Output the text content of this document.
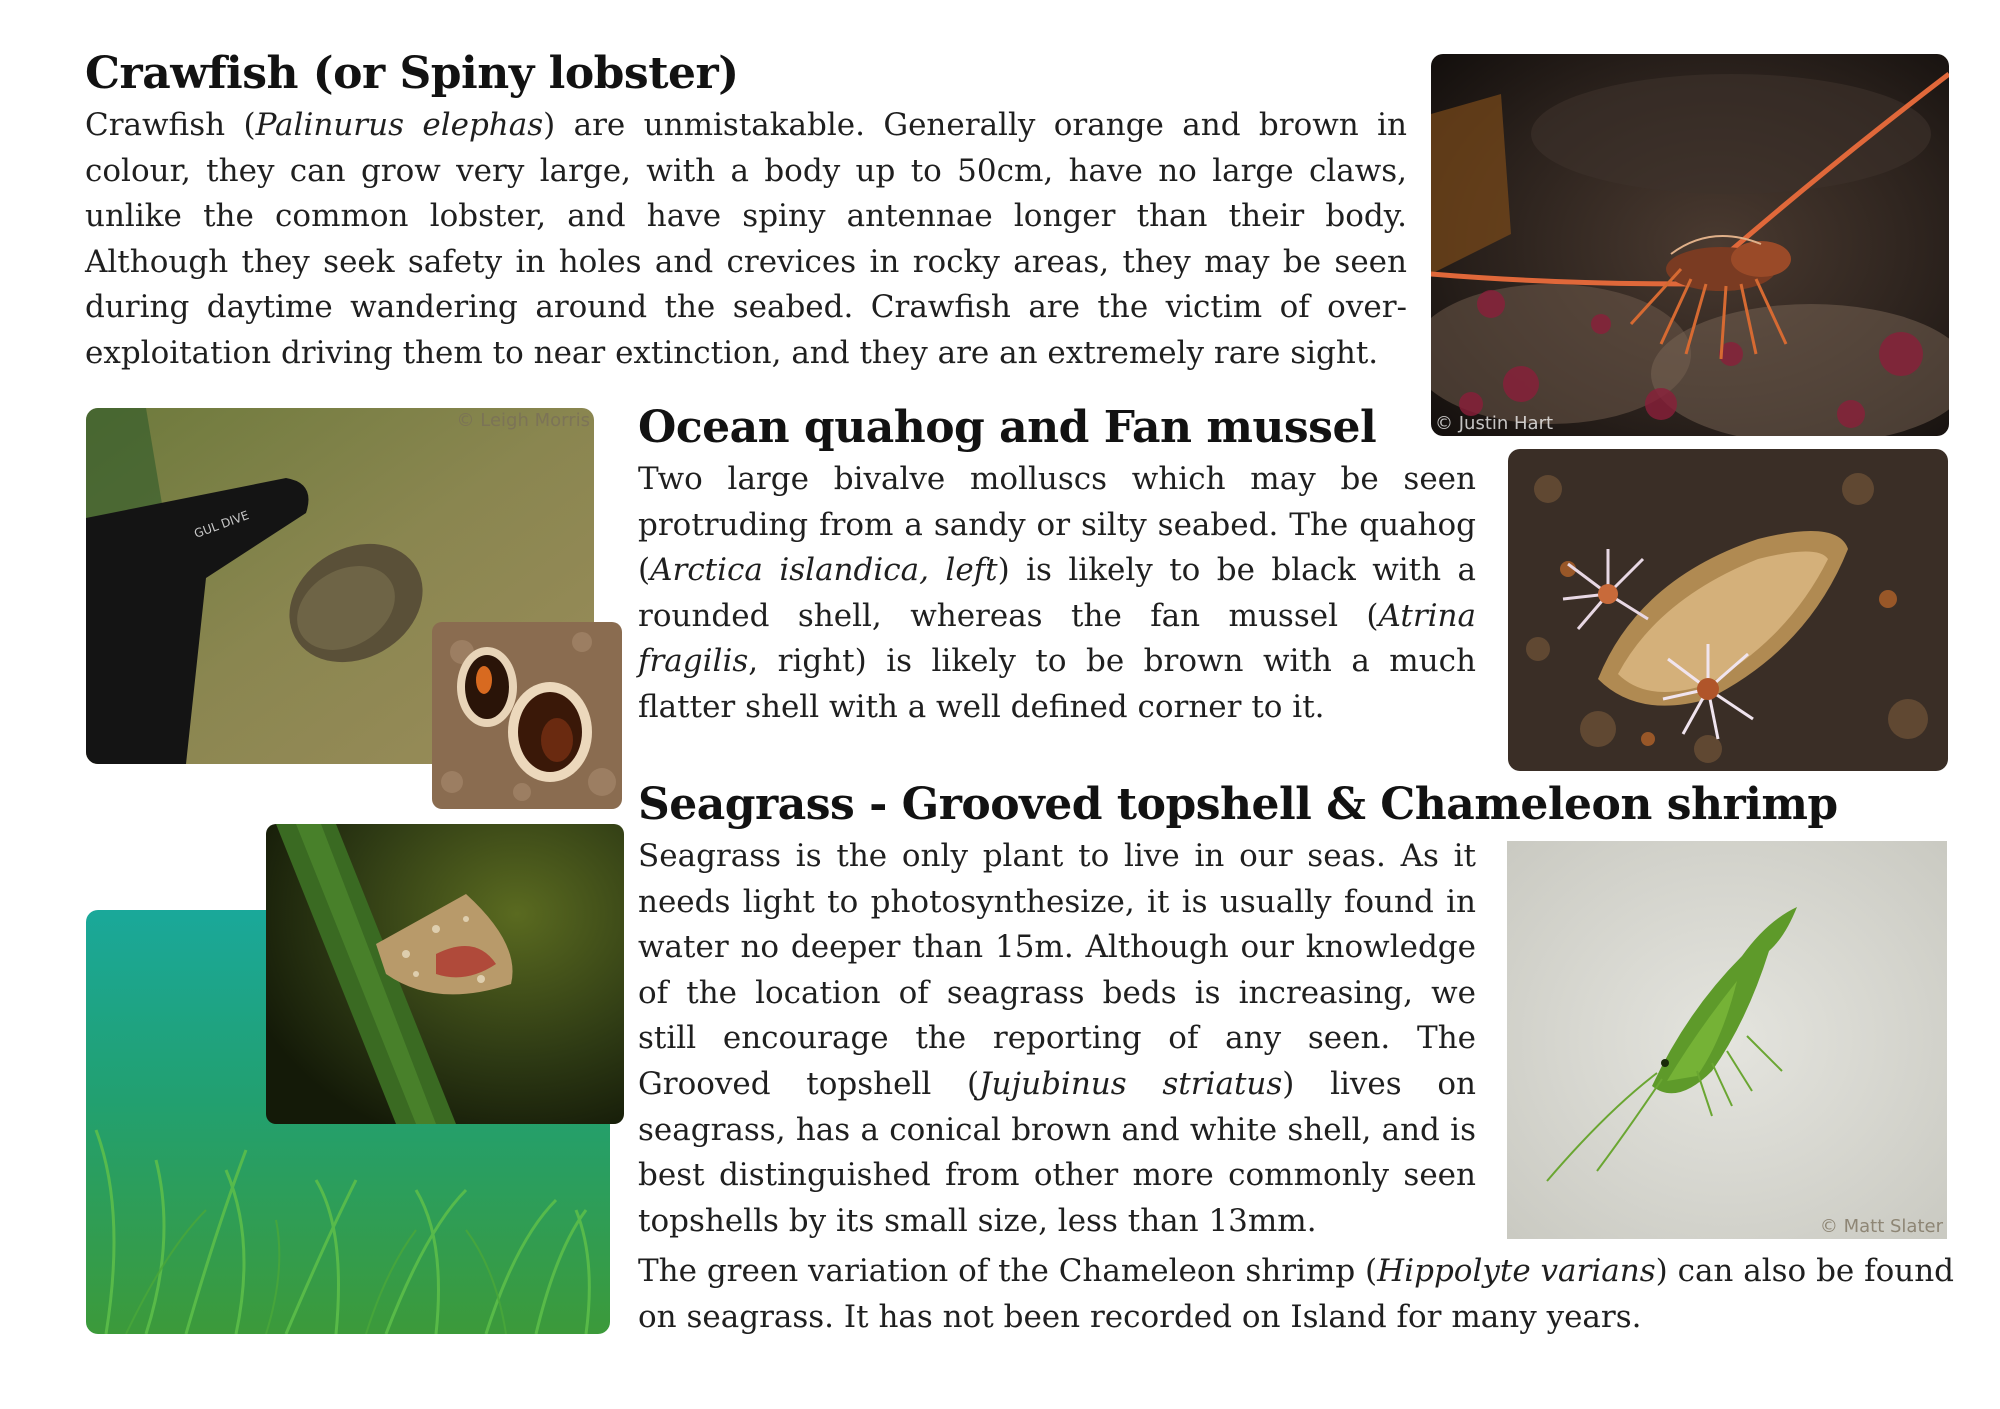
Crawfish (or Spiny lobster)

Crawfish (Palinurus elephas) are unmistakable. Generally orange and brown in colour, they can grow very large, with a body up to 50cm, have no large claws, unlike the common lobster, and have spiny antennae longer than their body. Although they seek safety in holes and crevices in rocky areas, they may be seen during daytime wandering around the seabed. Crawfish are the victim of over-exploitation driving them to near extinction, and they are an extremely rare sight.

© Justin Hart
GUL DIVE
© Leigh Morris Ocean quahog and Fan mussel

Two large bivalve molluscs which may be seen protruding from a sandy or silty seabed. The quahog (Arctica islandica, left) is likely to be black with a rounded shell, whereas the fan mussel (Atrina fragilis, right) is likely to be brown with a much flatter shell with a well defined corner to it.

Seagrass - Grooved topshell & Chameleon shrimp

Seagrass is the only plant to live in our seas. As it needs light to photosynthesize, it is usually found in water no deeper than 15m. Although our knowledge of the location of seagrass beds is increasing, we still encourage the reporting of any seen. The Grooved topshell (Jujubinus striatus) lives on seagrass, has a conical brown and white shell, and is best distinguished from other more commonly seen topshells by its small size, less than 13mm.	© Matt Slater

The green variation of the Chameleon shrimp (Hippolyte varians) can also be found on seagrass. It has not been recorded on Island for many years.
